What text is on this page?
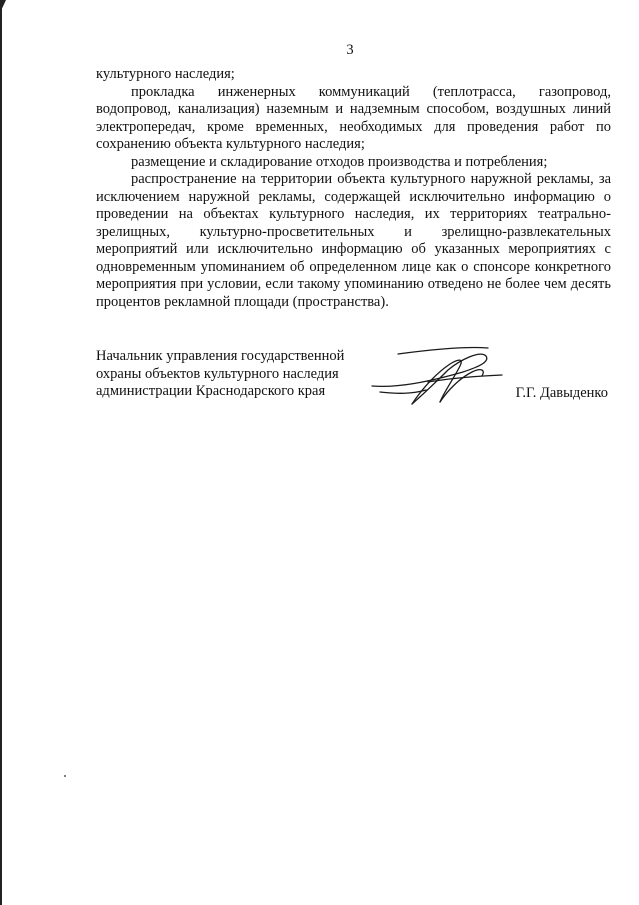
3

культурного наследия;

прокладка инженерных коммуникаций (теплотрасса, газопровод, водопровод, канализация) наземным и надземным способом, воздушных линий электропередач, кроме временных, необходимых для проведения работ по сохранению объекта культурного наследия;

размещение и складирование отходов производства и потребления;

распространение на территории объекта культурного наружной рекламы, за исключением наружной рекламы, содержащей исключительно информацию о проведении на объектах культурного наследия, их территориях театрально-зрелищных, культурно-просветительных и зрелищно-развлекательных мероприятий или исключительно информацию об указанных мероприятиях с одновременным упоминанием об определенном лице как о спонсоре конкретного мероприятия при условии, если такому упоминанию отведено не более чем десять процентов рекламной площади (пространства).

Начальник управления государственной
охраны объектов культурного наследия
администрации Краснодарского края	Г.Г. Давыденко
